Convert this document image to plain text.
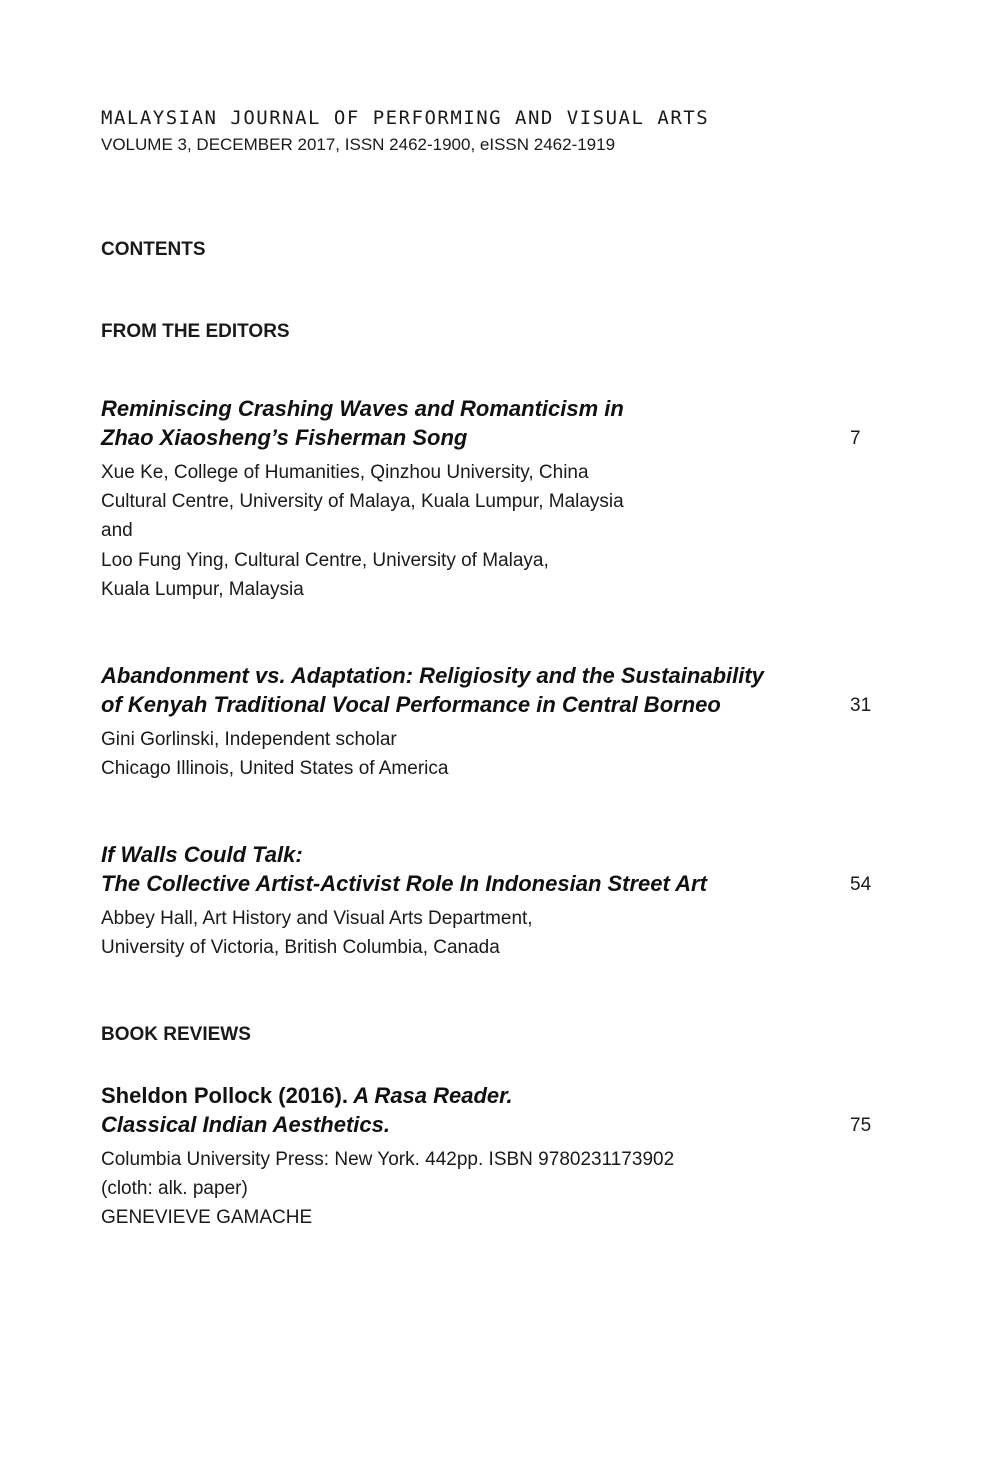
MALAYSIAN JOURNAL OF PERFORMING AND VISUAL ARTS
VOLUME 3, DECEMBER 2017, ISSN 2462-1900, eISSN 2462-1919
CONTENTS
FROM THE EDITORS
Reminiscing Crashing Waves and Romanticism in
Zhao Xiaosheng’s Fisherman Song
Xue Ke, College of Humanities, Qinzhou University, China
Cultural Centre, University of Malaya, Kuala Lumpur, Malaysia
and
Loo Fung Ying, Cultural Centre, University of Malaya,
Kuala Lumpur, Malaysia
7
Abandonment vs. Adaptation: Religiosity and the Sustainability
of Kenyah Traditional Vocal Performance in Central Borneo
Gini Gorlinski, Independent scholar
Chicago Illinois, United States of America
31
If Walls Could Talk:
The Collective Artist-Activist Role In Indonesian Street Art
Abbey Hall, Art History and Visual Arts Department,
University of Victoria, British Columbia, Canada
54
BOOK REVIEWS
Sheldon Pollock (2016). A Rasa Reader.
Classical Indian Aesthetics.
Columbia University Press: New York. 442pp. ISBN 9780231173902
(cloth: alk. paper)
GENEVIEVE GAMACHE
75
